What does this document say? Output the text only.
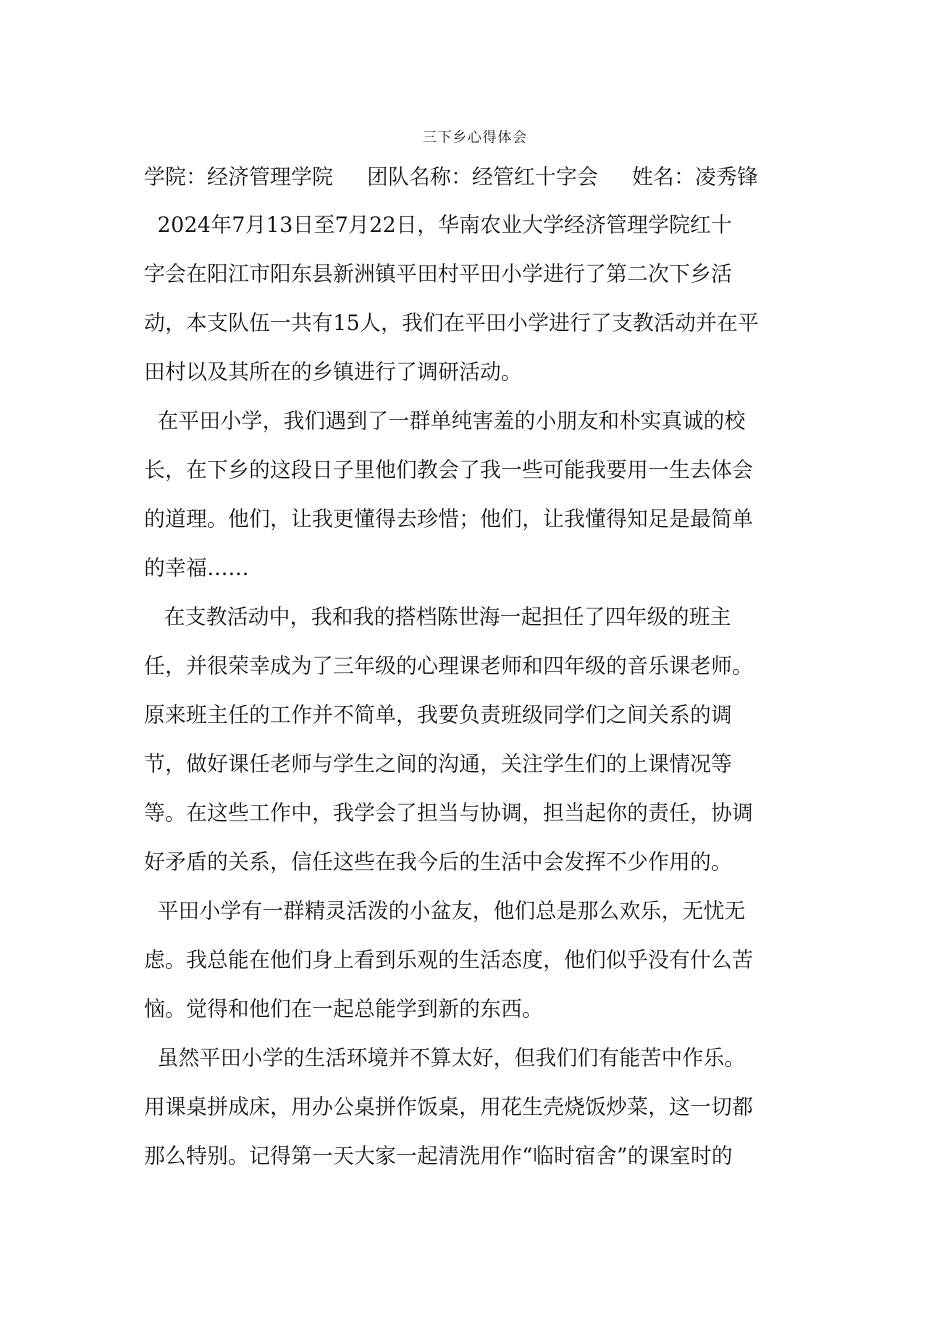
三下乡心得体会
学院：经济管理学院 团队名称：经管红十字会 姓名：凌秀锋
2024年7月13日至7月22日，华南农业大学经济管理学院红十
字会在阳江市阳东县新洲镇平田村平田小学进行了第二次下乡活
动，本支队伍一共有15人，我们在平田小学进行了支教活动并在平
田村以及其所在的乡镇进行了调研活动。
在平田小学，我们遇到了一群单纯害羞的小朋友和朴实真诚的校
长，在下乡的这段日子里他们教会了我一些可能我要用一生去体会
的道理。他们，让我更懂得去珍惜；他们，让我懂得知足是最简单
的幸福……
在支教活动中，我和我的搭档陈世海一起担任了四年级的班主
任，并很荣幸成为了三年级的心理课老师和四年级的音乐课老师。
原来班主任的工作并不简单，我要负责班级同学们之间关系的调
节，做好课任老师与学生之间的沟通，关注学生们的上课情况等
等。在这些工作中，我学会了担当与协调，担当起你的责任，协调
好矛盾的关系，信任这些在我今后的生活中会发挥不少作用的。
平田小学有一群精灵活泼的小盆友，他们总是那么欢乐，无忧无
虑。我总能在他们身上看到乐观的生活态度，他们似乎没有什么苦
恼。觉得和他们在一起总能学到新的东西。
虽然平田小学的生活环境并不算太好，但我们们有能苦中作乐。
用课桌拼成床，用办公桌拼作饭桌，用花生壳烧饭炒菜，这一切都
那么特别。记得第一天大家一起清洗用作“临时宿舍”的课室时的
